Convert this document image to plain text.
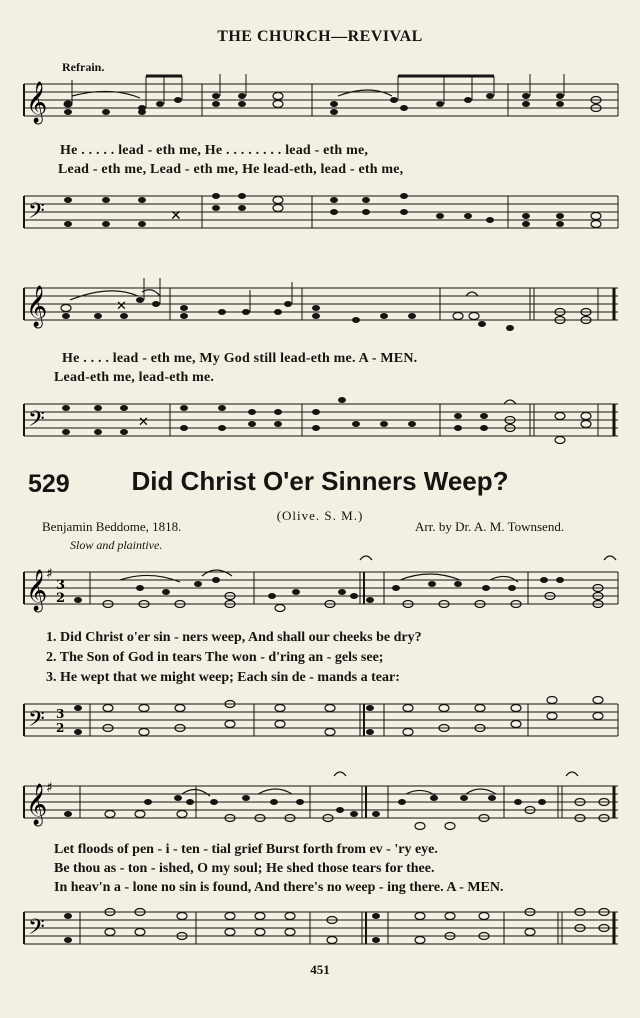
THE CHURCH—REVIVAL
Refrain.
𝄞
He . . . . . lead - eth me, He . . . . . . . . lead - eth me,
Lead - eth me, Lead - eth me, He lead-eth, lead - eth me,
𝄢	✕
𝄞	✕
He . . . . lead - eth me, My God still lead-eth me. A - MEN.
Lead-eth me, lead-eth me.
𝄢	✕
529	Did Christ O'er Sinners Weep?
(Olive. S. M.)
Benjamin Beddome, 1818.	Arr. by Dr. A. M. Townsend.
Slow and plaintive.
𝄞
♯
3
2
1. Did Christ o'er sin - ners weep, And shall our cheeks be dry?
2. The Son of God in tears The won - d'ring an - gels see;
3. He wept that we might weep; Each sin de - mands a tear:
𝄢 3
2
𝄞
♯
Let floods of pen - i - ten - tial grief Burst forth from ev - 'ry eye.
Be thou as - ton - ished, O my soul; He shed those tears for thee.
In heav'n a - lone no sin is found, And there's no weep - ing there. A - MEN.
𝄢
451
